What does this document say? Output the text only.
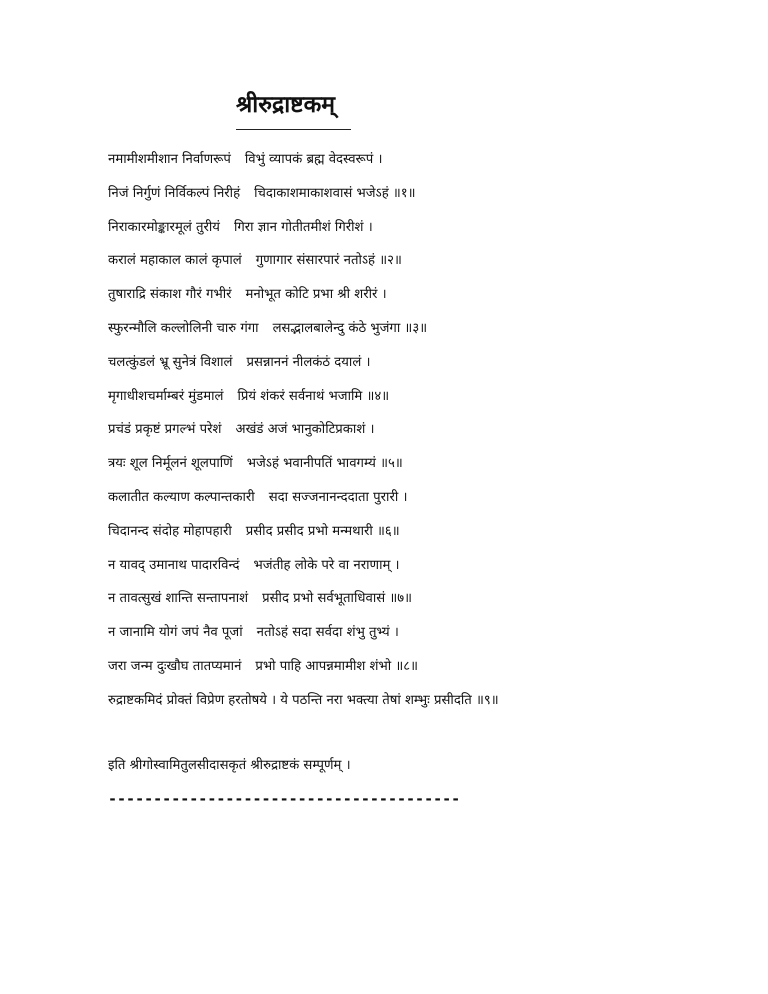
श्रीरुद्राष्टकम्
नमामीशमीशान निर्वाणरूपं विभुं व्यापकं ब्रह्म वेदस्वरूपं ।
निजं निर्गुणं निर्विकल्पं निरीहं चिदाकाशमाकाशवासं भजेऽहं ॥१॥
निराकारमोङ्कारमूलं तुरीयं गिरा ज्ञान गोतीतमीशं गिरीशं ।
करालं महाकाल कालं कृपालं गुणागार संसारपारं नतोऽहं ॥२॥
तुषाराद्रि संकाश गौरं गभीरं मनोभूत कोटि प्रभा श्री शरीरं ।
स्फुरन्मौलि कल्लोलिनी चारु गंगा लसद्भालबालेन्दु कंठे भुजंगा ॥३॥
चलत्कुंडलं भ्रू सुनेत्रं विशालं प्रसन्नाननं नीलकंठं दयालं ।
मृगाधीशचर्माम्बरं मुंडमालं प्रियं शंकरं सर्वनाथं भजामि ॥४॥
प्रचंडं प्रकृष्टं प्रगल्भं परेशं अखंडं अजं भानुकोटिप्रकाशं ।
त्रयः शूल निर्मूलनं शूलपाणिं भजेऽहं भवानीपतिं भावगम्यं ॥५॥
कलातीत कल्याण कल्पान्तकारी सदा सज्जनानन्ददाता पुरारी ।
चिदानन्द संदोह मोहापहारी प्रसीद प्रसीद प्रभो मन्मथारी ॥६॥
न यावद् उमानाथ पादारविन्दं भजंतीह लोके परे वा नराणाम् ।
न तावत्सुखं शान्ति सन्तापनाशं प्रसीद प्रभो सर्वभूताधिवासं ॥७॥
न जानामि योगं जपं नैव पूजां नतोऽहं सदा सर्वदा शंभु तुभ्यं ।
जरा जन्म दुःखौघ तातप्यमानं प्रभो पाहि आपन्नमामीश शंभो ॥८॥
रुद्राष्टकमिदं प्रोक्तं विप्रेण हरतोषये । ये पठन्ति नरा भक्त्या तेषां शम्भुः प्रसीदति ॥९॥
इति श्रीगोस्वामितुलसीदासकृतं श्रीरुद्राष्टकं सम्पूर्णम् ।
---------------------------------------
